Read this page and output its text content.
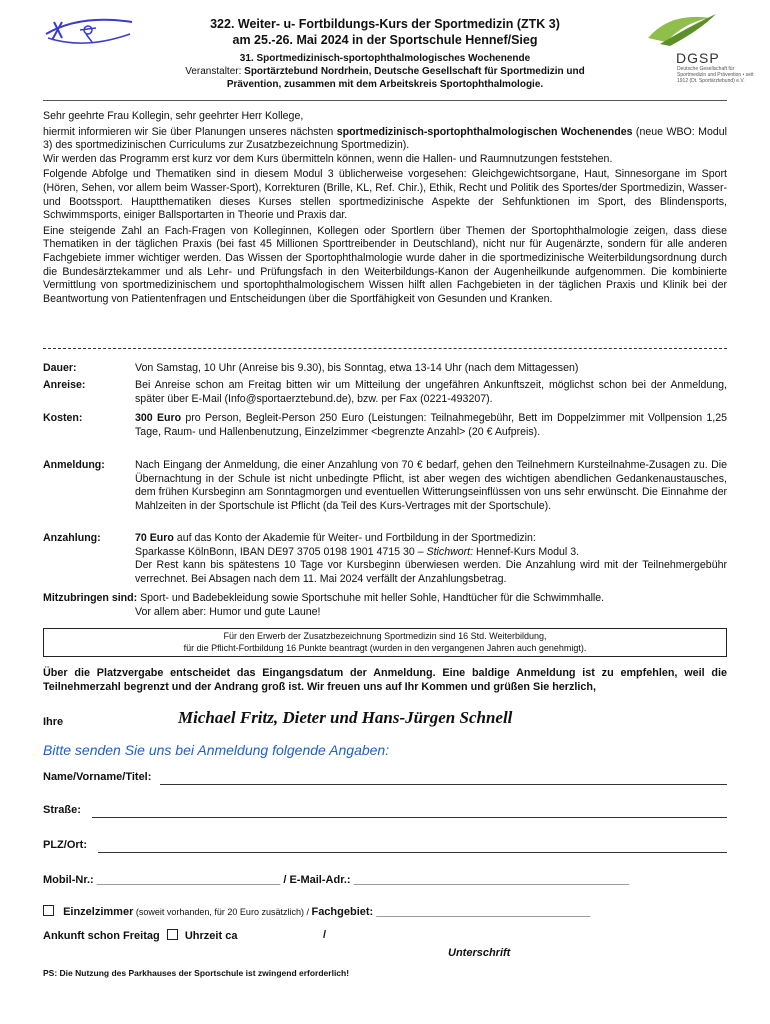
DGSP
Deutsche Gesellschaft für Sportmedizin und Prävention • seit 1912 (Dt. Sportärztebund) e.V.
322. Weiter- u- Fortbildungs-Kurs der Sportmedizin (ZTK 3)
am 25.-26. Mai 2024 in der Sportschule Hennef/Sieg
31. Sportmedizinisch-sportophthalmologisches Wochenende
Veranstalter: Sportärztebund Nordrhein, Deutsche Gesellschaft für Sportmedizin und
Prävention, zusammen mit dem Arbeitskreis Sportophthalmologie.

Sehr geehrte Frau Kollegin, sehr geehrter Herr Kollege,

hiermit informieren wir Sie über Planungen unseres nächsten sportmedizinisch-sportophthalmologischen Wochenendes (neue WBO: Modul 3) des sportmedizinischen Curriculums zur Zusatzbezeichnung Sportmedizin).
Wir werden das Programm erst kurz vor dem Kurs übermitteln können, wenn die Hallen- und Raumnutzungen feststehen.

Folgende Abfolge und Thematiken sind in diesem Modul 3 üblicherweise vorgesehen: Gleichgewichtsorgane, Haut, Sinnesorgane im Sport (Hören, Sehen, vor allem beim Wasser-Sport), Korrekturen (Brille, KL, Ref. Chir.), Ethik, Recht und Politik des Sportes/der Sportmedizin, Wasser- und Bootssport. Hauptthematiken dieses Kurses stellen sportmedizinische Aspekte der Sehfunktionen im Sport, des Blindensports, Schwimmsports, einiger Ballsportarten in Theorie und Praxis dar.

Eine steigende Zahl an Fach-Fragen von Kolleginnen, Kollegen oder Sportlern über Themen der Sportophthalmologie zeigen, dass diese Thematiken in der täglichen Praxis (bei fast 45 Millionen Sporttreibender in Deutschland), nicht nur für Augenärzte, sondern für alle anderen Fachgebiete immer wichtiger werden. Das Wissen der Sportophthalmologie wurde daher in die sportmedizinische Weiterbildungsordnung durch die Bundesärztekammer und als Lehr- und Prüfungsfach in den Weiterbildungs-Kanon der Augenheilkunde aufgenommen. Die kombinierte Vermittlung von sportmedizinischem und sportophthalmologischem Wissen hilft allen Fachgebieten in der täglichen Praxis und Klinik bei der Beantwortung von Patientenfragen und Entscheidungen über die Sportfähigkeit von Gesunden und Kranken.

Dauer:	Von Samstag, 10 Uhr (Anreise bis 9.30), bis Sonntag, etwa 13-14 Uhr (nach dem Mittagessen)
Anreise:	Bei Anreise schon am Freitag bitten wir um Mitteilung der ungefähren Ankunftszeit, möglichst schon bei der Anmeldung, später über E-Mail (Info@sportaerztebund.de), bzw. per Fax (0221-493207).
Kosten:	300 Euro pro Person, Begleit-Person 250 Euro (Leistungen: Teilnahmegebühr, Bett im Doppelzimmer mit Vollpension 1,25 Tage, Raum- und Hallenbenutzung, Einzelzimmer <begrenzte Anzahl> (20 € Aufpreis).
Anmeldung:	Nach Eingang der Anmeldung, die einer Anzahlung von 70 € bedarf, gehen den Teilnehmern Kursteilnahme-Zusagen zu. Die Übernachtung in der Schule ist nicht unbedingte Pflicht, ist aber wegen des wichtigen abendlichen Gedankenaustausches, dem frühen Kursbeginn am Sonntagmorgen und eventuellen Witterungseinflüssen von uns sehr erwünscht. Die Einnahme der Mahlzeiten in der Sportschule ist Pflicht (da Teil des Kurs-Vertrages mit der Sportschule).
Anzahlung:	70 Euro auf das Konto der Akademie für Weiter- und Fortbildung in der Sportmedizin:
Sparkasse KölnBonn, IBAN DE97 3705 0198 1901 4715 30 – Stichwort: Hennef-Kurs Modul 3.
Der Rest kann bis spätestens 10 Tage vor Kursbeginn überwiesen werden. Die Anzahlung wird mit der Teilnehmergebühr verrechnet. Bei Absagen nach dem 11. Mai 2024 verfällt der Anzahlungsbetrag.
Mitzubringen sind: Sport- und Badebekleidung sowie Sportschuhe mit heller Sohle, Handtücher für die Schwimmhalle.
Vor allem aber: Humor und gute Laune!
Für den Erwerb der Zusatzbezeichnung Sportmedizin sind 16 Std. Weiterbildung,
für die Pflicht-Fortbildung 16 Punkte beantragt (wurden in den vergangenen Jahren auch genehmigt).
Über die Platzvergabe entscheidet das Eingangsdatum der Anmeldung. Eine baldige Anmeldung ist zu empfehlen, weil die Teilnehmerzahl begrenzt und der Andrang groß ist. Wir freuen uns auf Ihr Kommen und grüßen Sie herzlich,
Ihre	Michael Fritz, Dieter und Hans-Jürgen Schnell
Bitte senden Sie uns bei Anmeldung folgende Angaben:
Name/Vorname/Titel:
Straße:
PLZ/Ort:
Mobil-Nr.: ______________________________ / E-Mail-Adr.: _____________________________________________
Einzelzimmer (soweit vorhanden, für 20 Euro zusätzlich) / Fachgebiet: ___________________________________
Ankunft schon Freitag Uhrzeit ca	/
Unterschrift
PS: Die Nutzung des Parkhauses der Sportschule ist zwingend erforderlich!
